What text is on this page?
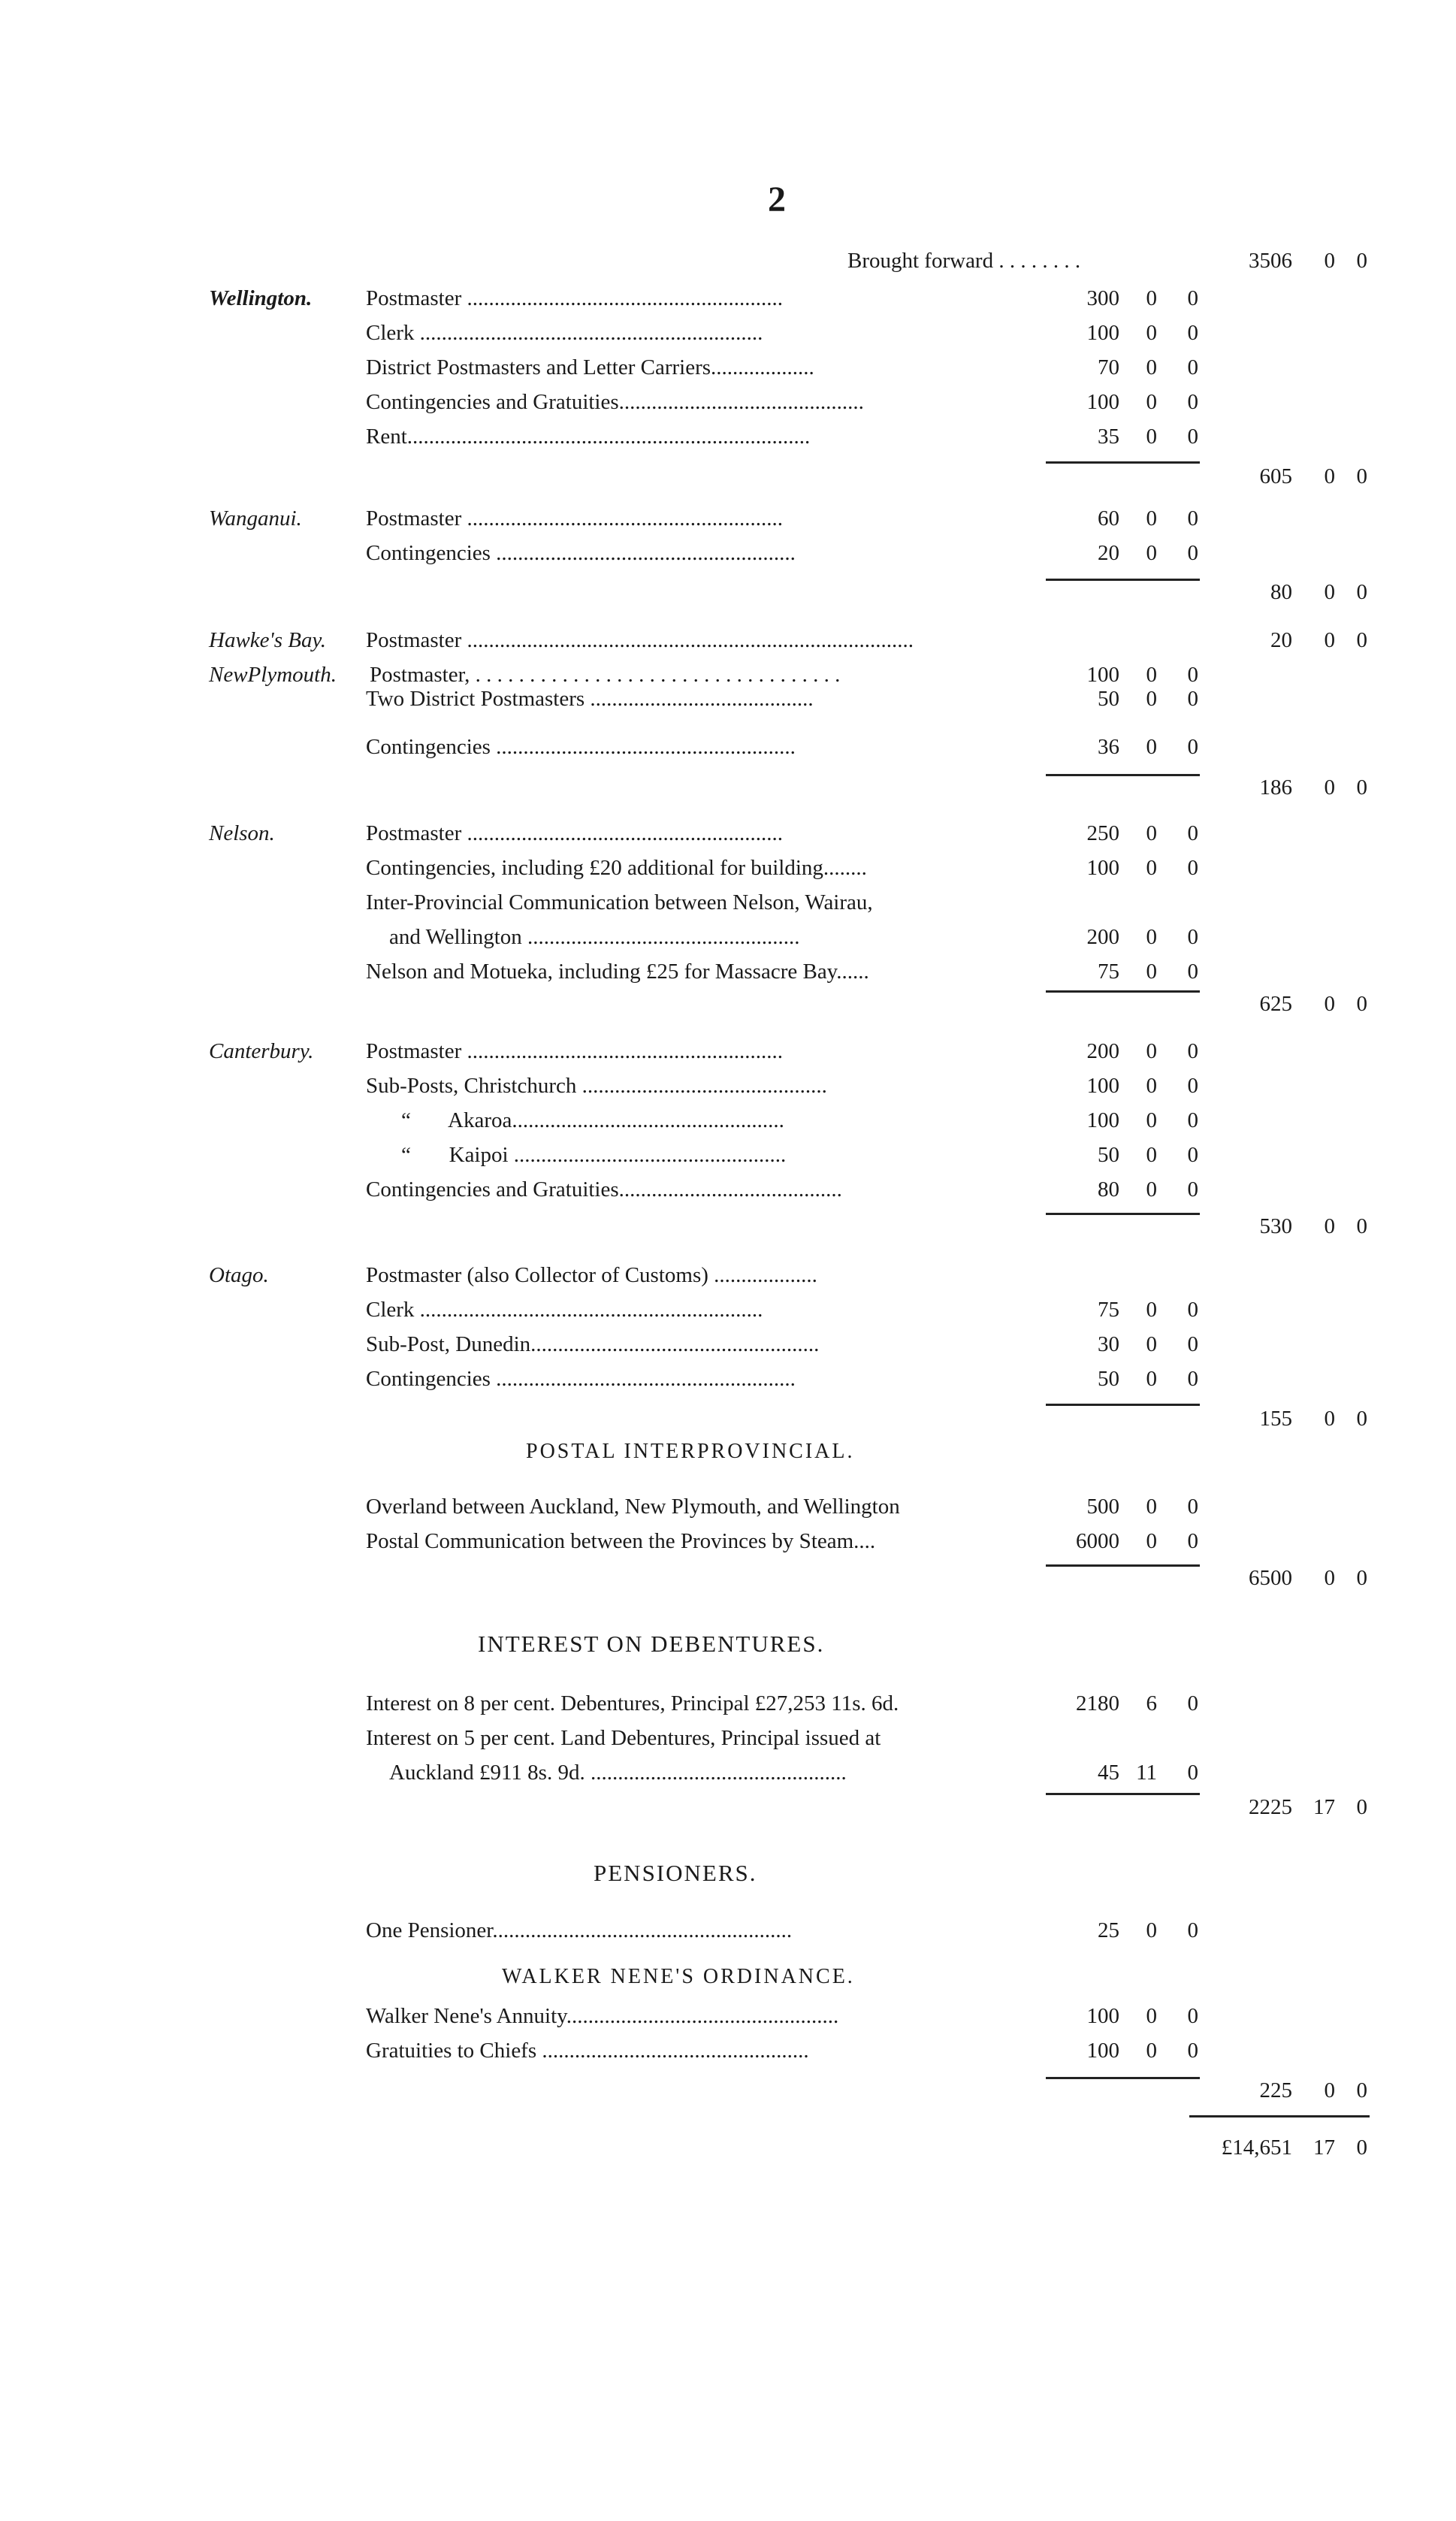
2
Brought forward . . . . . . . .	3506	0 0
Wellington. Postmaster ..........................................................	300	0	0
Clerk ...............................................................	100	0	0
District Postmasters and Letter Carriers...................	70	0	0
Contingencies and Gratuities.............................................	100	0	0
Rent..........................................................................	35	0	0
605	0 0
Wanganui.	Postmaster ..........................................................	60	0	0
Contingencies .......................................................	20	0	0
80	0 0
Hawke's Bay. Postmaster ..................................................................................	20	0 0
NewPlymouth. Postmaster, . . . . . . . . . . . . . . . . . . . . . . . . . . . . . . . . . .	100	0	0
Two District Postmasters .........................................	50	0	0
Contingencies .......................................................	36	0	0
186	0 0
Nelson.	Postmaster ..........................................................	250	0	0
Contingencies, including £20 additional for building........	100	0	0
Inter-Provincial Communication between Nelson, Wairau,
and Wellington ..................................................	200	0	0
Nelson and Motueka, including £25 for Massacre Bay......	75	0	0
625	0 0
Canterbury. Postmaster ..........................................................	200	0	0
Sub-Posts, Christchurch .............................................	100	0	0
“       Akaroa..................................................	100	0	0
“       Kaipoi ..................................................	50	0	0
Contingencies and Gratuities.........................................	80	0	0
530	0 0
Otago.	Postmaster (also Collector of Customs) ...................
Clerk ...............................................................	75	0	0
Sub-Post, Dunedin.....................................................	30	0	0
Contingencies .......................................................	50	0	0
155	0 0
POSTAL INTERPROVINCIAL.
Overland between Auckland, New Plymouth, and Wellington	500	0	0
Postal Communication between the Provinces by Steam....	6000	0	0
6500	0 0
INTEREST ON DEBENTURES.
Interest on 8 per cent. Debentures, Principal £27,253 11s. 6d.	2180	6	0
Interest on 5 per cent. Land Debentures, Principal issued at
Auckland £911 8s. 9d. ...............................................	45 11	0
2225 17 0
PENSIONERS.
One Pensioner.......................................................	25	0	0
WALKER NENE'S ORDINANCE.
Walker Nene's Annuity..................................................	100	0	0
Gratuities to Chiefs .................................................	100	0	0
225	0 0
£14,651 17 0
